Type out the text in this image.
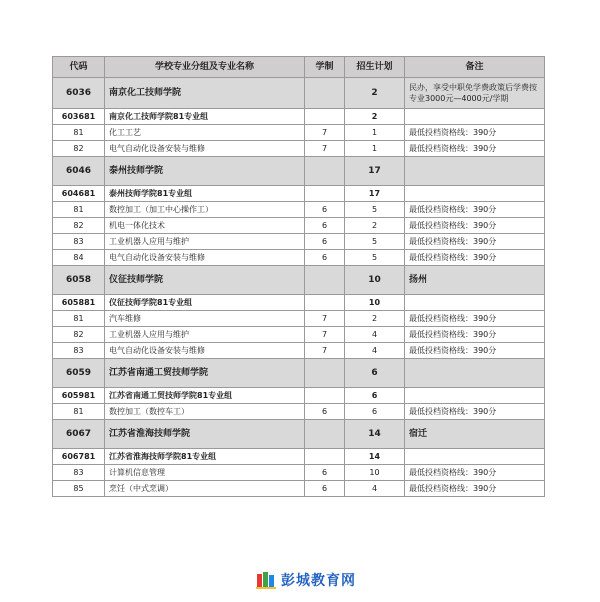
代码	学校专业分组及专业名称	学制	招生计划	备注
6036	南京化工技师学院		2	民办，享受中职免学费政策后学费按专业3000元—4000元/学期
603681	南京化工技师学院81专业组		2	
81	化工工艺	7	1	最低投档资格线：390分
82	电气自动化设备安装与维修	7	1	最低投档资格线：390分
6046	泰州技师学院		17	
604681	泰州技师学院81专业组		17	
81	数控加工（加工中心操作工）	6	5	最低投档资格线：390分
82	机电一体化技术	6	2	最低投档资格线：390分
83	工业机器人应用与维护	6	5	最低投档资格线：390分
84	电气自动化设备安装与维修	6	5	最低投档资格线：390分
6058	仪征技师学院		10	扬州
605881	仪征技师学院81专业组		10	
81	汽车维修	7	2	最低投档资格线：390分
82	工业机器人应用与维护	7	4	最低投档资格线：390分
83	电气自动化设备安装与维修	7	4	最低投档资格线：390分
6059	江苏省南通工贸技师学院		6	
605981	江苏省南通工贸技师学院81专业组		6	
81	数控加工（数控车工）	6	6	最低投档资格线：390分
6067	江苏省淮海技师学院		14	宿迁
606781	江苏省淮海技师学院81专业组		14	
83	计算机信息管理	6	10	最低投档资格线：390分
85	烹饪（中式烹调）	6	4	最低投档资格线：390分
彭城教育网
